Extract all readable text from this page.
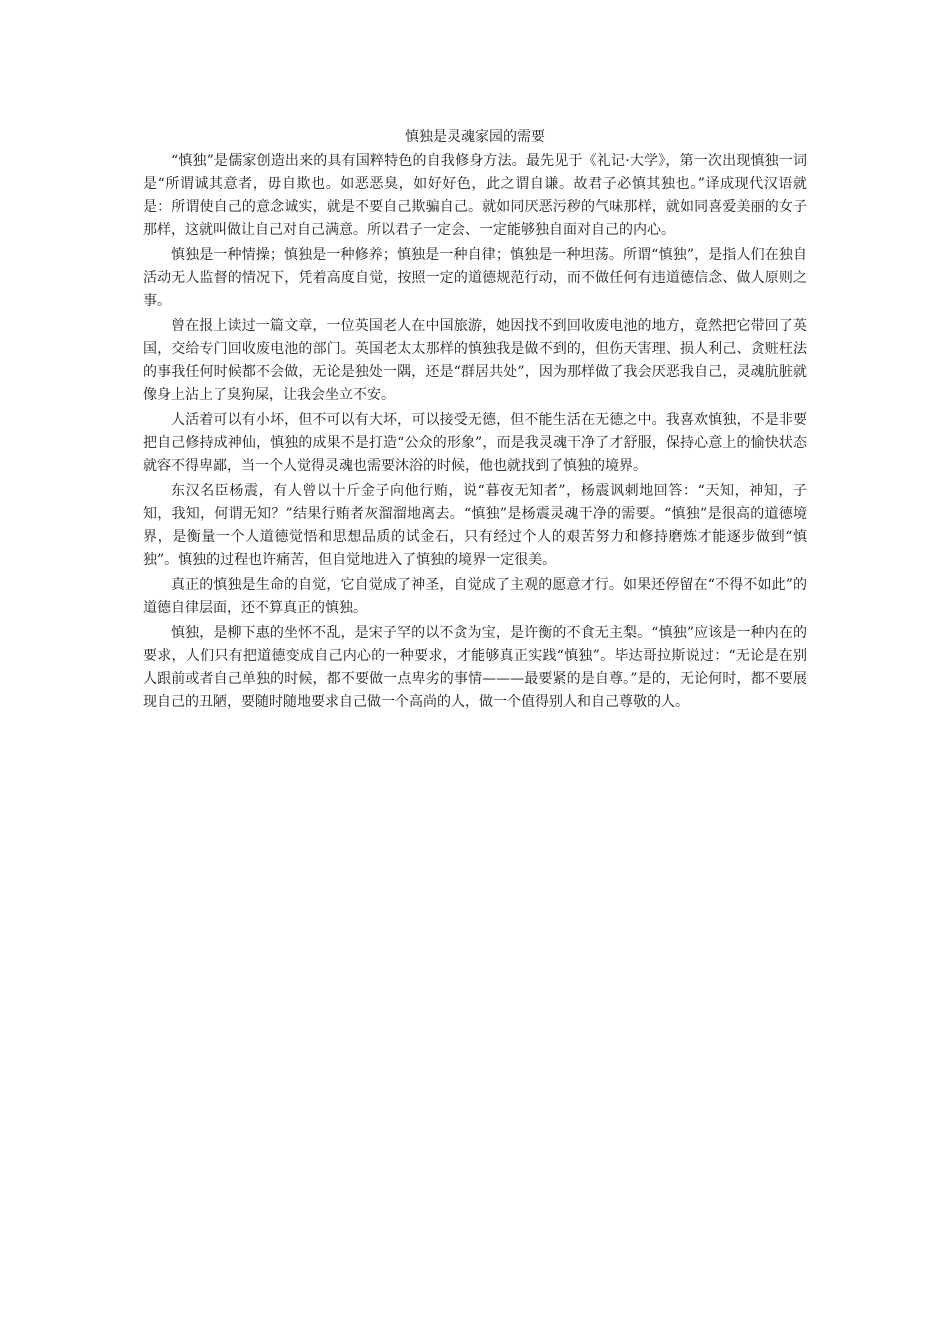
慎独是灵魂家园的需要

“慎独”是儒家创造出来的具有国粹特色的自我修身方法。最先见于《礼记·大学》，第一次出现慎独一词是“所谓诚其意者，毋自欺也。如恶恶臭，如好好色，此之谓自谦。故君子必慎其独也。”译成现代汉语就是：所谓使自己的意念诚实，就是不要自己欺骗自己。就如同厌恶污秽的气味那样，就如同喜爱美丽的女子那样，这就叫做让自己对自己满意。所以君子一定会、一定能够独自面对自己的内心。

慎独是一种情操；慎独是一种修养；慎独是一种自律；慎独是一种坦荡。所谓“慎独”，是指人们在独自活动无人监督的情况下，凭着高度自觉，按照一定的道德规范行动，而不做任何有违道德信念、做人原则之事。

曾在报上读过一篇文章，一位英国老人在中国旅游，她因找不到回收废电池的地方，竟然把它带回了英国，交给专门回收废电池的部门。英国老太太那样的慎独我是做不到的，但伤天害理、损人利己、贪赃枉法的事我任何时候都不会做，无论是独处一隅，还是“群居共处”，因为那样做了我会厌恶我自己，灵魂肮脏就像身上沾上了臭狗屎，让我会坐立不安。

人活着可以有小坏，但不可以有大坏，可以接受无德，但不能生活在无德之中。我喜欢慎独，不是非要把自己修持成神仙，慎独的成果不是打造“公众的形象”，而是我灵魂干净了才舒服，保持心意上的愉快状态就容不得卑鄙，当一个人觉得灵魂也需要沐浴的时候，他也就找到了慎独的境界。

东汉名臣杨震，有人曾以十斤金子向他行贿，说“暮夜无知者”，杨震讽刺地回答：“天知，神知，子知，我知，何谓无知？”结果行贿者灰溜溜地离去。“慎独”是杨震灵魂干净的需要。“慎独”是很高的道德境界，是衡量一个人道德觉悟和思想品质的试金石，只有经过个人的艰苦努力和修持磨炼才能逐步做到“慎独”。慎独的过程也许痛苦，但自觉地进入了慎独的境界一定很美。

真正的慎独是生命的自觉，它自觉成了神圣，自觉成了主观的愿意才行。如果还停留在“不得不如此”的道德自律层面，还不算真正的慎独。

慎独，是柳下惠的坐怀不乱，是宋子罕的以不贪为宝，是许衡的不食无主梨。“慎独”应该是一种内在的要求，人们只有把道德变成自己内心的一种要求，才能够真正实践“慎独”。毕达哥拉斯说过：“无论是在别人跟前或者自己单独的时候，都不要做一点卑劣的事情———最要紧的是自尊。”是的，无论何时，都不要展现自己的丑陋，要随时随地要求自己做一个高尚的人，做一个值得别人和自己尊敬的人。
